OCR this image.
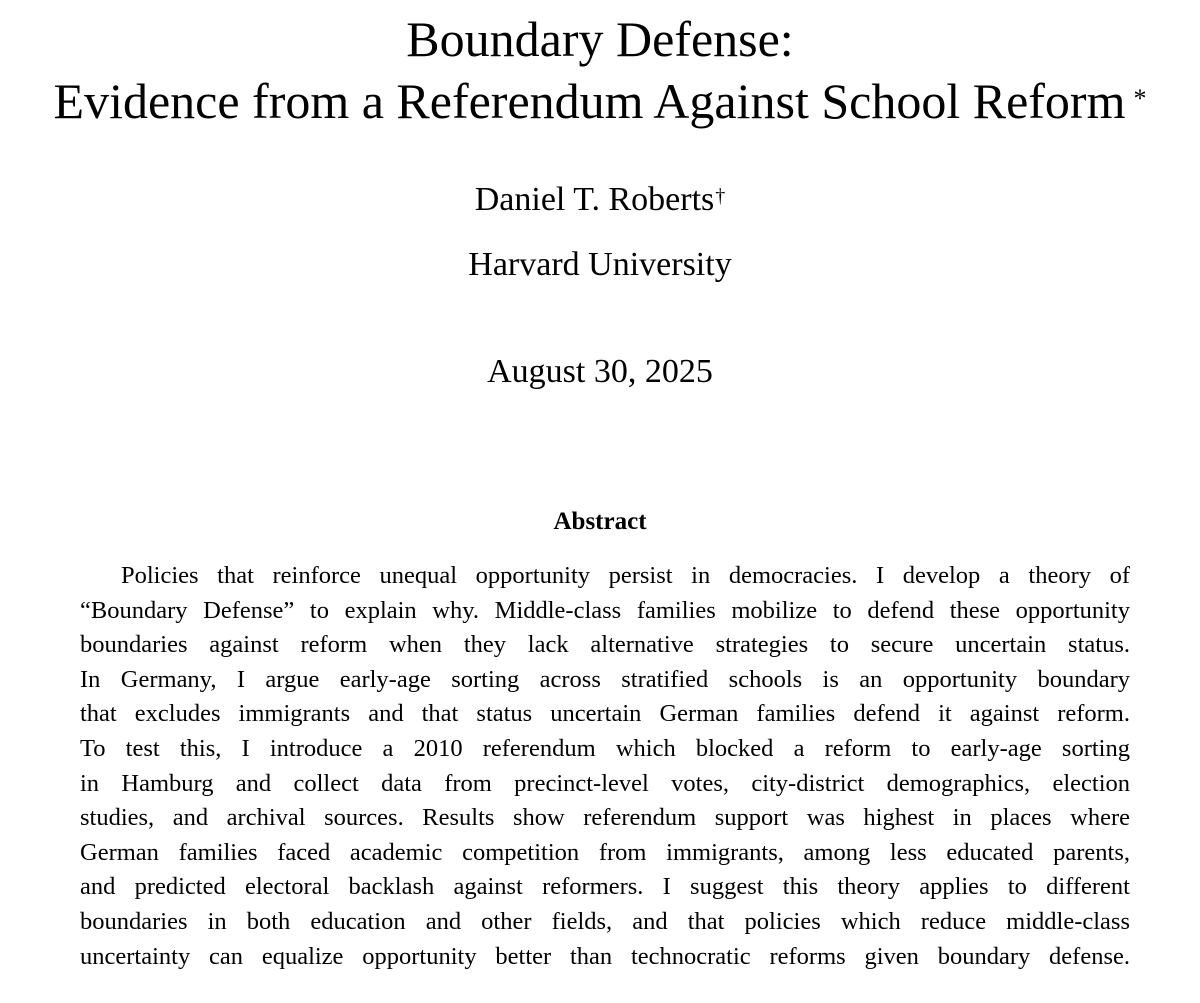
Boundary Defense:
Evidence from a Referendum Against School Reform *
Daniel T. Roberts†
Harvard University
August 30, 2025
Abstract
Policies that reinforce unequal opportunity persist in democracies. I develop a theory of
“Boundary Defense” to explain why. Middle-class families mobilize to defend these opportunity
boundaries against reform when they lack alternative strategies to secure uncertain status.
In Germany, I argue early-age sorting across stratified schools is an opportunity boundary
that excludes immigrants and that status uncertain German families defend it against reform.
To test this, I introduce a 2010 referendum which blocked a reform to early-age sorting
in Hamburg and collect data from precinct-level votes, city-district demographics, election
studies, and archival sources. Results show referendum support was highest in places where
German families faced academic competition from immigrants, among less educated parents,
and predicted electoral backlash against reformers. I suggest this theory applies to different
boundaries in both education and other fields, and that policies which reduce middle-class
uncertainty can equalize opportunity better than technocratic reforms given boundary defense.
